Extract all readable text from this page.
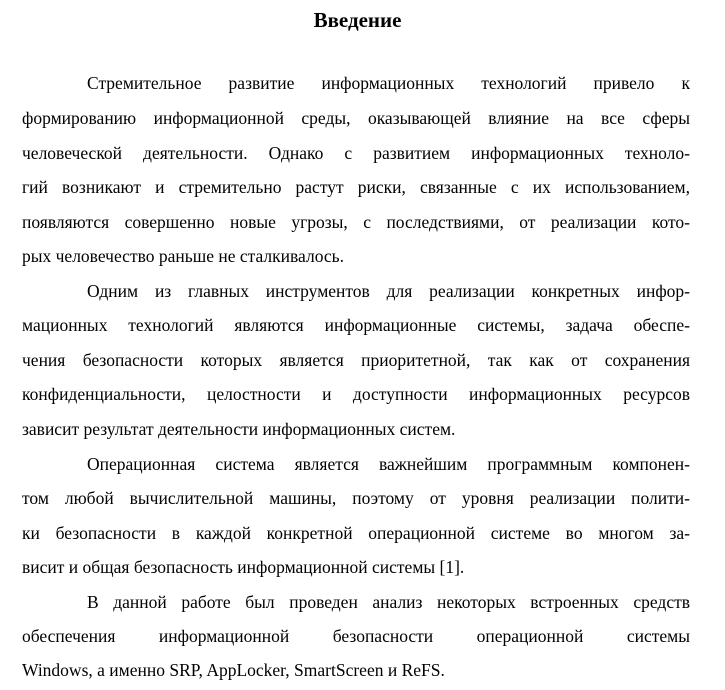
Введение
Стремительное развитие информационных технологий привело к
формированию информационной среды, оказывающей влияние на все сферы
человеческой деятельности. Однако с развитием информационных техноло-
гий возникают и стремительно растут риски, связанные с их использованием,
появляются совершенно новые угрозы, с последствиями, от реализации кото-
рых человечество раньше не сталкивалось.
Одним из главных инструментов для реализации конкретных инфор-
мационных технологий являются информационные системы, задача обеспе-
чения безопасности которых является приоритетной, так как от сохранения
конфиденциальности, целостности и доступности информационных ресурсов
зависит результат деятельности информационных систем.
Операционная система является важнейшим программным компонен-
том любой вычислительной машины, поэтому от уровня реализации полити-
ки безопасности в каждой конкретной операционной системе во многом за-
висит и общая безопасность информационной системы [1].
В данной работе был проведен анализ некоторых встроенных средств
обеспечения информационной безопасности операционной системы
Windows, а именно SRP, AppLocker, SmartScreen и ReFS.
